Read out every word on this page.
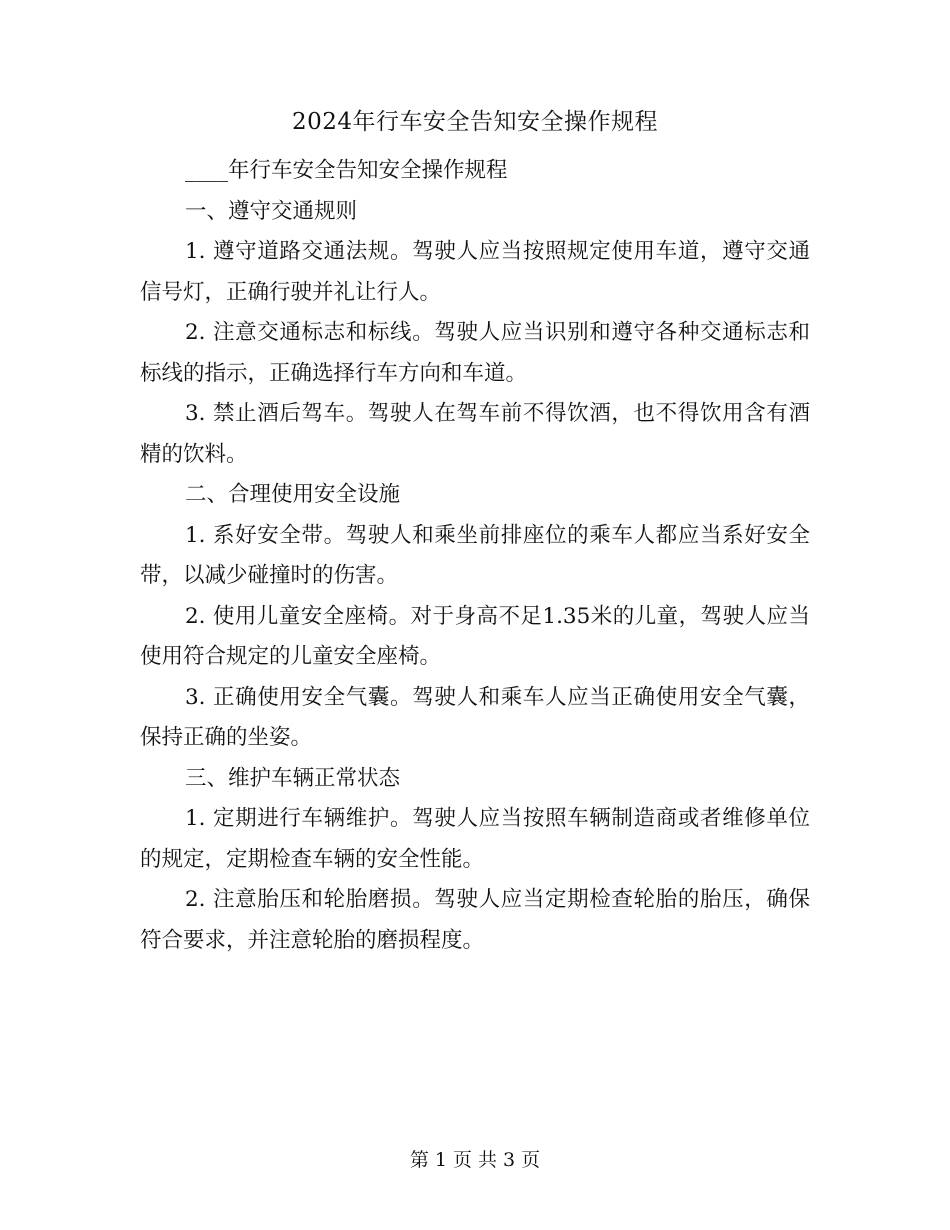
2024年行车安全告知安全操作规程

____年行车安全告知安全操作规程

一、遵守交通规则

1. 遵守道路交通法规。驾驶人应当按照规定使用车道，遵守交通信号灯，正确行驶并礼让行人。

2. 注意交通标志和标线。驾驶人应当识别和遵守各种交通标志和标线的指示，正确选择行车方向和车道。

3. 禁止酒后驾车。驾驶人在驾车前不得饮酒，也不得饮用含有酒精的饮料。

二、合理使用安全设施

1. 系好安全带。驾驶人和乘坐前排座位的乘车人都应当系好安全带，以减少碰撞时的伤害。

2. 使用儿童安全座椅。对于身高不足1.35米的儿童，驾驶人应当使用符合规定的儿童安全座椅。

3. 正确使用安全气囊。驾驶人和乘车人应当正确使用安全气囊，保持正确的坐姿。

三、维护车辆正常状态

1. 定期进行车辆维护。驾驶人应当按照车辆制造商或者维修单位的规定，定期检查车辆的安全性能。

2. 注意胎压和轮胎磨损。驾驶人应当定期检查轮胎的胎压，确保符合要求，并注意轮胎的磨损程度。

第 1 页 共 3 页
